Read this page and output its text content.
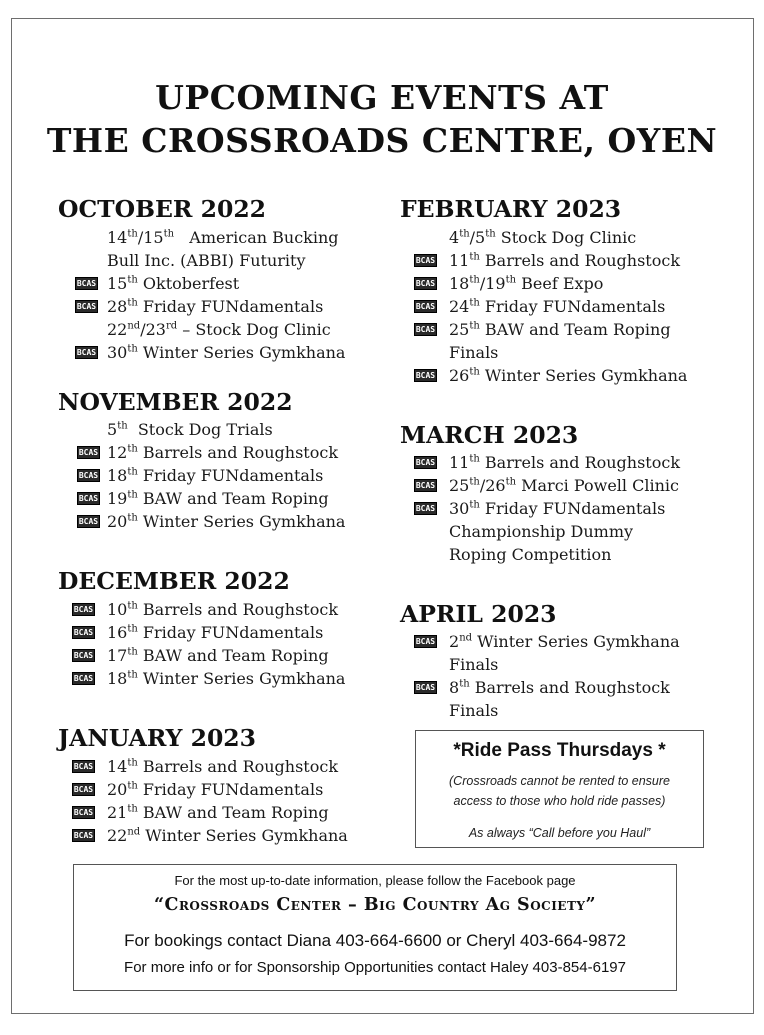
UPCOMING EVENTS AT
THE CROSSROADS CENTRE, OYEN
OCTOBER 2022
NOVEMBER 2022
DECEMBER 2022
JANUARY 2023
FEBRUARY 2023
MARCH 2023
APRIL 2023
14th/15th   American Bucking
Bull Inc. (ABBI) Futurity
15th Oktoberfest
BCAS
28th Friday FUNdamentals
BCAS
22nd/23rd – Stock Dog Clinic
30th Winter Series Gymkhana
BCAS
5th  Stock Dog Trials
12th Barrels and Roughstock
BCAS
18th Friday FUNdamentals
BCAS
19th BAW and Team Roping
BCAS
20th Winter Series Gymkhana
BCAS
10th Barrels and Roughstock
BCAS
16th Friday FUNdamentals
BCAS
17th BAW and Team Roping
BCAS
18th Winter Series Gymkhana
BCAS
14th Barrels and Roughstock
BCAS
20th Friday FUNdamentals
BCAS
21th BAW and Team Roping
BCAS
22nd Winter Series Gymkhana
BCAS
4th/5th Stock Dog Clinic
11th Barrels and Roughstock
BCAS
18th/19th Beef Expo
BCAS
24th Friday FUNdamentals
BCAS
25th BAW and Team Roping
BCAS
Finals
26th Winter Series Gymkhana
BCAS
11th Barrels and Roughstock
BCAS
25th/26th Marci Powell Clinic
BCAS
30th Friday FUNdamentals
BCAS
Championship Dummy
Roping Competition
2nd Winter Series Gymkhana
BCAS
Finals
8th Barrels and Roughstock
BCAS
Finals
*Ride Pass Thursdays *
(Crossroads cannot be rented to ensure
access to those who hold ride passes)
As always “Call before you Haul”
For the most up-to-date information, please follow the Facebook page
“Crossroads Center – Big Country Ag Society”
For bookings contact Diana 403-664-6600 or Cheryl 403-664-9872
For more info or for Sponsorship Opportunities contact Haley 403-854-6197
